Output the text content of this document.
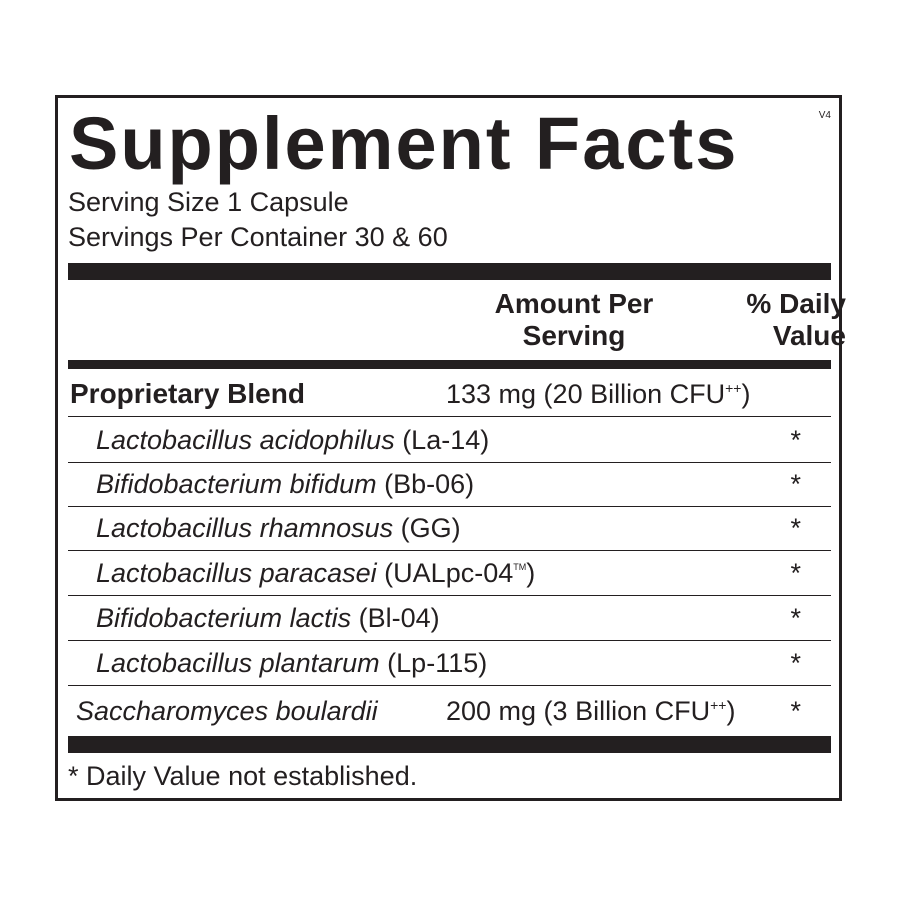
Supplement Facts	V4
Serving Size 1 Capsule
Servings Per Container 30 & 60
Amount Per
Serving
% Daily
Value
Proprietary Blend	133 mg (20 Billion CFU++)
Lactobacillus acidophilus (La-14)	*
Bifidobacterium bifidum (Bb-06)	*
Lactobacillus rhamnosus (GG)	*
Lactobacillus paracasei (UALpc-04™)	*
Bifidobacterium lactis (Bl-04)	*
Lactobacillus plantarum (Lp-115)	*
Saccharomyces boulardii	200 mg (3 Billion CFU++) *
* Daily Value not established.
